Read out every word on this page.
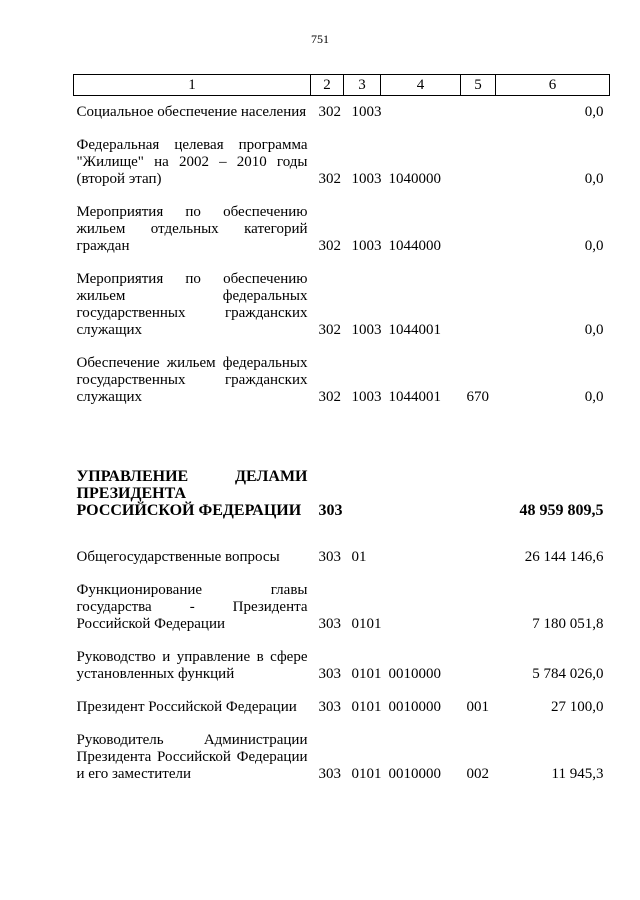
751
1	2	3	4	5	6

Социальное обеспечение населения	302	1003			0,0

Федеральная целевая программа "Жилище" на 2002 – 2010 годы (второй этап)	302	1003	1040000		0,0

Мероприятия по обеспечению жильем отдельных категорий граждан	302	1003	1044000		0,0

Мероприятия по обеспечению жильем федеральных государственных гражданских служащих	302	1003	1044001		0,0

Обеспечение жильем федеральных государственных гражданских служащих	302	1003	1044001	670	0,0

УПРАВЛЕНИЕ ДЕЛАМИ ПРЕЗИДЕНТА РОССИЙСКОЙ ФЕДЕРАЦИИ	303				48 959 809,5

Общегосударственные вопросы	303	01			26 144 146,6

Функционирование главы государства - Президента Российской Федерации	303	0101			7 180 051,8

Руководство и управление в сфере установленных функций	303	0101	0010000		5 784 026,0

Президент Российской Федерации	303	0101	0010000	001	27 100,0

Руководитель Администрации Президента Российской Федерации и его заместители	303	0101	0010000	002	11 945,3
